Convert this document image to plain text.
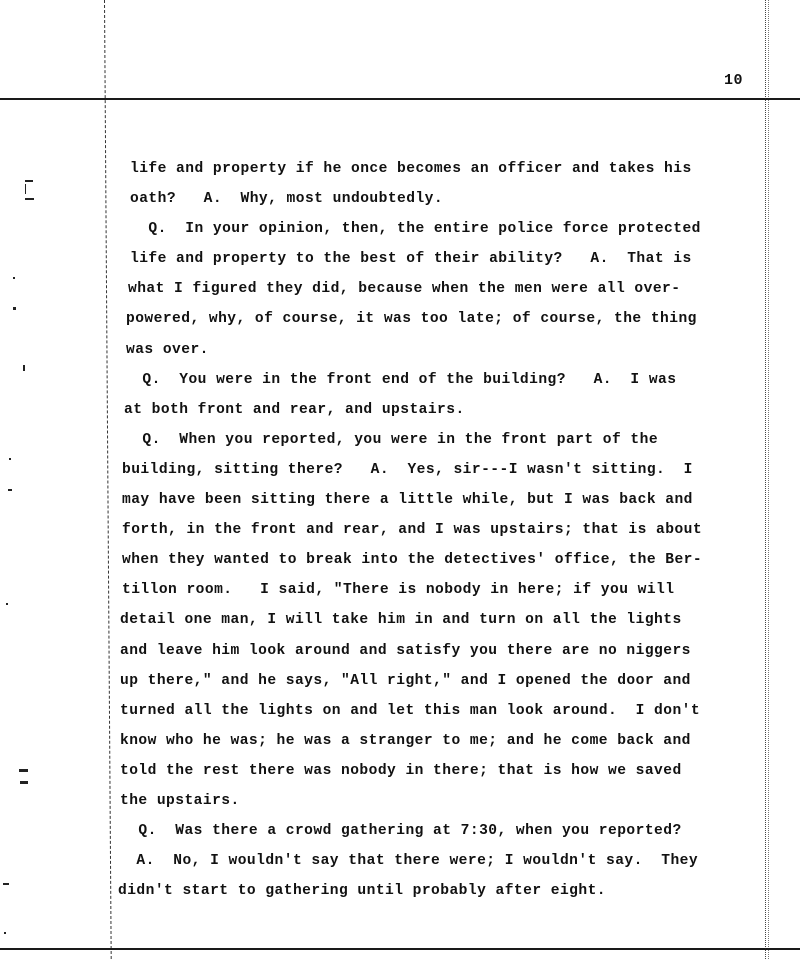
10
life and property if he once becomes an officer and takes his
oath?   A.  Why, most undoubtedly.
Q.  In your opinion, then, the entire police force protected
life and property to the best of their ability?   A.  That is
what I figured they did, because when the men were all over-
powered, why, of course, it was too late; of course, the thing
was over.
Q.  You were in the front end of the building?   A.  I was
at both front and rear, and upstairs.
Q.  When you reported, you were in the front part of the
building, sitting there?   A.  Yes, sir---I wasn't sitting.  I
may have been sitting there a little while, but I was back and
forth, in the front and rear, and I was upstairs; that is about
when they wanted to break into the detectives' office, the Ber-
tillon room.   I said, "There is nobody in here; if you will
detail one man, I will take him in and turn on all the lights
and leave him look around and satisfy you there are no niggers
up there," and he says, "All right," and I opened the door and
turned all the lights on and let this man look around.  I don't
know who he was; he was a stranger to me; and he come back and
told the rest there was nobody in there; that is how we saved
the upstairs.
Q.  Was there a crowd gathering at 7:30, when you reported?
A.  No, I wouldn't say that there were; I wouldn't say.  They
didn't start to gathering until probably after eight.
